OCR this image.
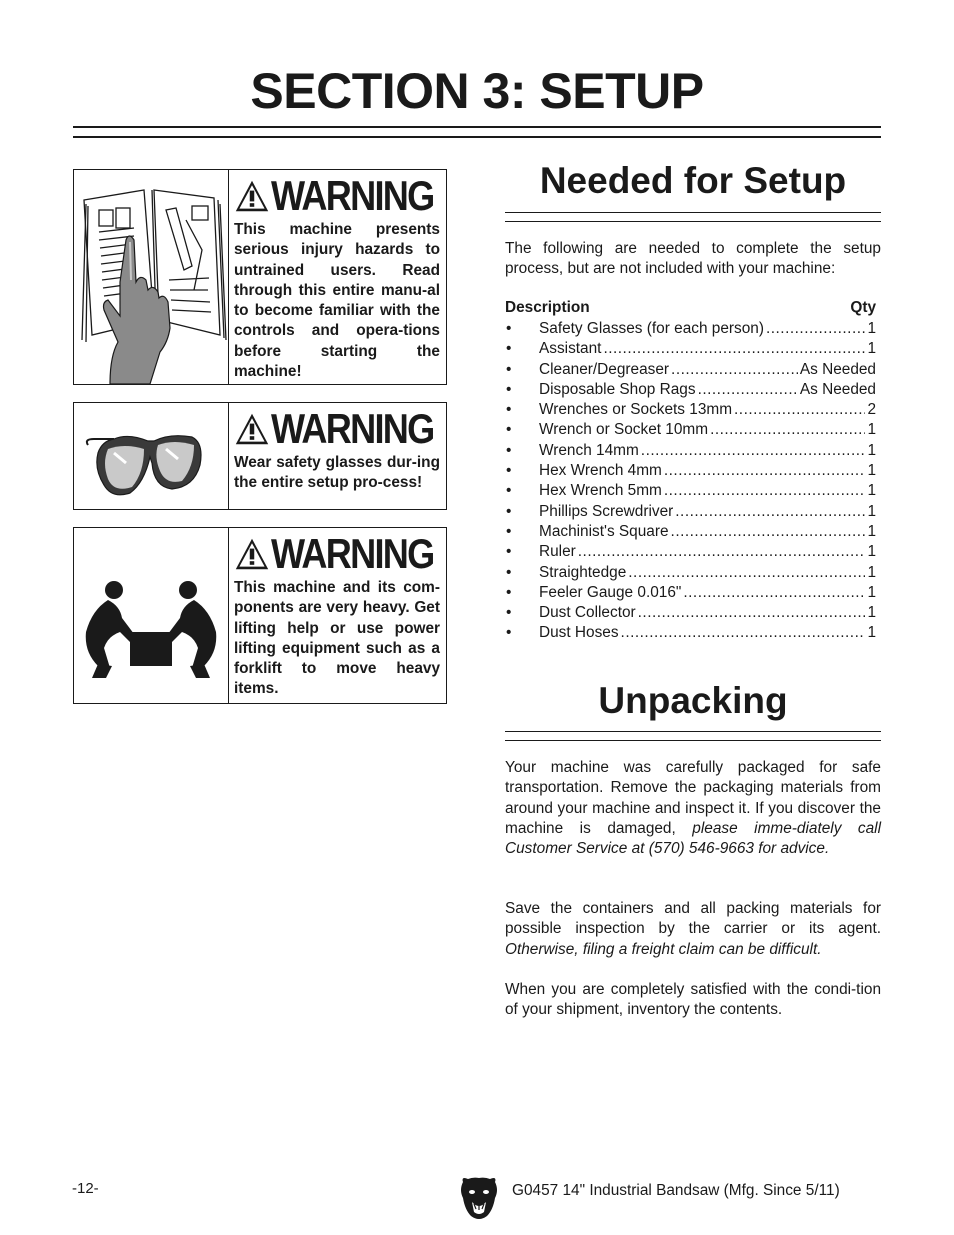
SECTION 3: SETUP
WARNING
This machine presents serious injury hazards to untrained users. Read through this entire manu-al to become familiar with the controls and opera-tions before starting the machine!
WARNING
Wear safety glasses dur-ing the entire setup pro-cess!
WARNING
This machine and its com-ponents are very heavy. Get lifting help or use power lifting equipment such as a forklift to move heavy items.
Needed for Setup
The following are needed to complete the setup process, but are not included with your machine:
Description	Qty
•	Safety Glasses (for each person) .....	1
•	Assistant .....	1
•	Cleaner/Degreaser .....	As Needed
•	Disposable Shop Rags .....	As Needed
•	Wrenches or Sockets 13mm .....	2
•	Wrench or Socket 10mm .....	1
•	Wrench 14mm .....	1
•	Hex Wrench 4mm .....	1
•	Hex Wrench 5mm .....	1
•	Phillips Screwdriver .....	1
•	Machinist's Square .....	1
•	Ruler .....	1
•	Straightedge .....	1
•	Feeler Gauge 0.016" .....	1
•	Dust Collector .....	1
•	Dust Hoses .....	1
Unpacking
Your machine was carefully packaged for safe transportation. Remove the packaging materials from around your machine and inspect it. If you discover the machine is damaged, please imme-diately call Customer Service at (570) 546-9663 for advice.
Save the containers and all packing materials for possible inspection by the carrier or its agent. Otherwise, filing a freight claim can be difficult.
When you are completely satisfied with the condi-tion of your shipment, inventory the contents.
-12-	G0457 14" Industrial Bandsaw (Mfg. Since 5/11)
